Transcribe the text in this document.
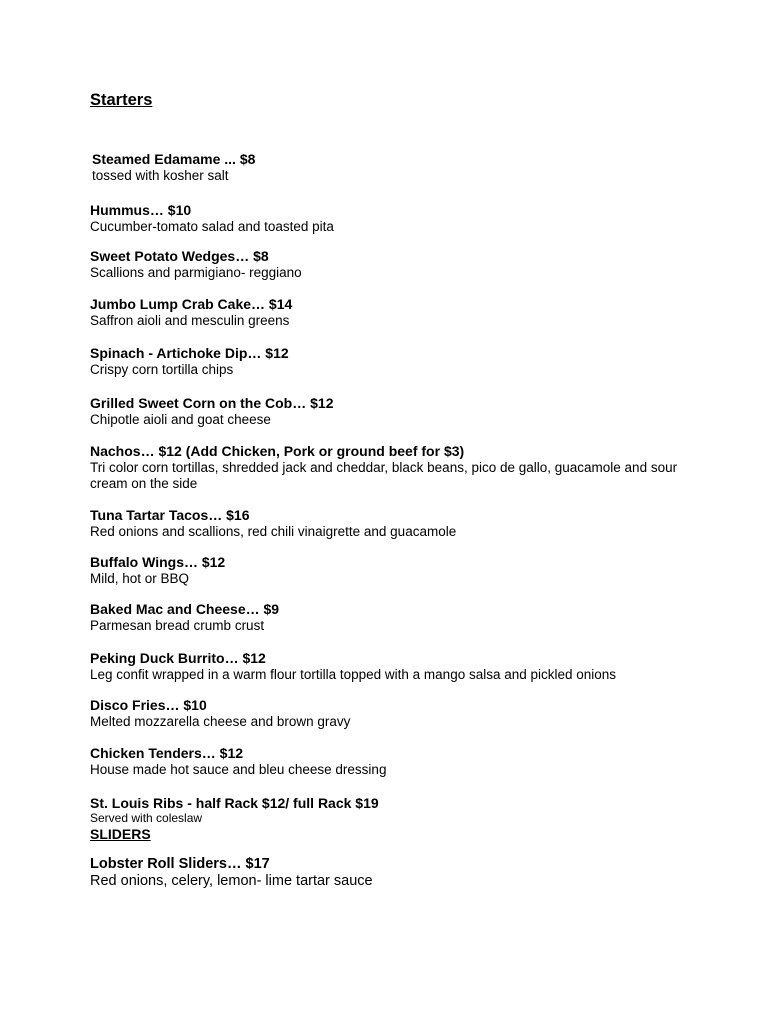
Starters
Steamed Edamame ... $8
tossed with kosher salt
Hummus… $10
Cucumber-tomato salad and toasted pita
Sweet Potato Wedges… $8
Scallions and parmigiano- reggiano
Jumbo Lump Crab Cake… $14
Saffron aioli and mesculin greens
Spinach - Artichoke Dip… $12
Crispy corn tortilla chips
Grilled Sweet Corn on the Cob… $12
Chipotle aioli and goat cheese
Nachos… $12 (Add Chicken, Pork or ground beef for $3)
Tri color corn tortillas, shredded jack and cheddar, black beans, pico de gallo, guacamole and sour cream on the side
Tuna Tartar Tacos… $16
Red onions and scallions, red chili vinaigrette and guacamole
Buffalo Wings… $12
Mild, hot or BBQ
Baked Mac and Cheese… $9
Parmesan bread crumb crust
Peking Duck Burrito… $12
Leg confit wrapped in a warm flour tortilla topped with a mango salsa and pickled onions
Disco Fries… $10
Melted mozzarella cheese and brown gravy
Chicken Tenders… $12
House made hot sauce and bleu cheese dressing
St. Louis Ribs - half Rack $12/ full Rack $19
Served with coleslaw
SLIDERS
Lobster Roll Sliders… $17
Red onions, celery, lemon- lime tartar sauce
